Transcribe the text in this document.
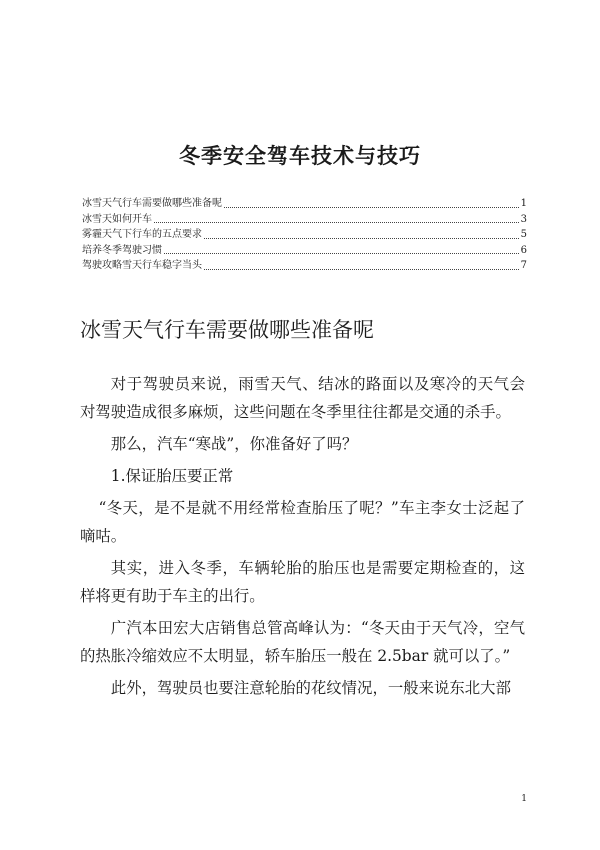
冬季安全驾车技术与技巧
冰雪天气行车需要做哪些准备呢	1
冰雪天如何开车	3
雾霾天气下行车的五点要求	5
培养冬季驾驶习惯	6
驾驶攻略雪天行车稳字当头	7
冰雪天气行车需要做哪些准备呢

对于驾驶员来说，雨雪天气、结冰的路面以及寒冷的天气会对驾驶造成很多麻烦，这些问题在冬季里往往都是交通的杀手。

那么，汽车“寒战”，你准备好了吗？

1.保证胎压要正常

“冬天，是不是就不用经常检查胎压了呢？”车主李女士泛起了嘀咕。

其实，进入冬季，车辆轮胎的胎压也是需要定期检查的，这样将更有助于车主的出行。

广汽本田宏大店销售总管高峰认为：“冬天由于天气冷，空气的热胀冷缩效应不太明显，轿车胎压一般在 2.5bar 就可以了。”

此外，驾驶员也要注意轮胎的花纹情况，一般来说东北大部

1
